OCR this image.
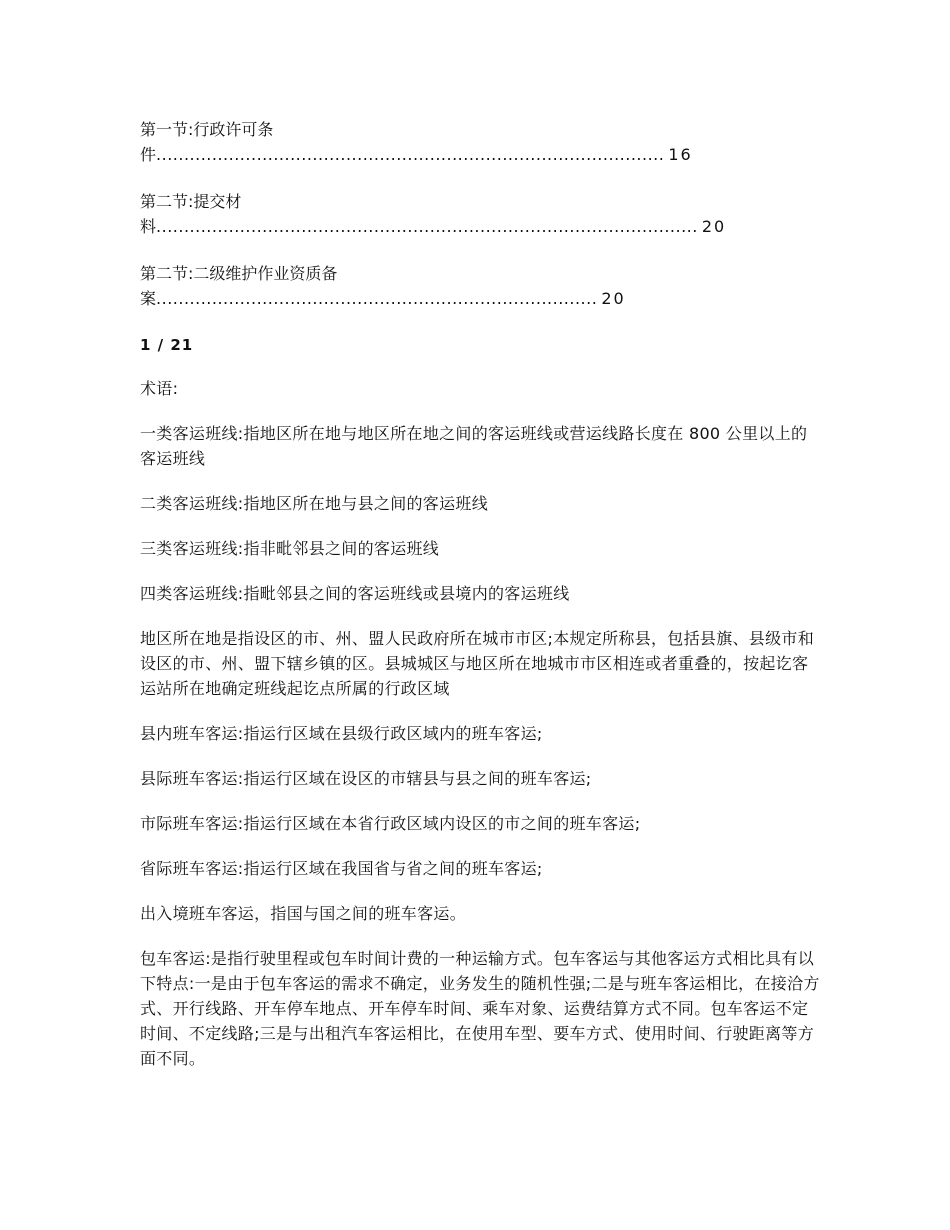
第一节:行政许可条
件........................................................................................... 16
第二节:提交材
料................................................................................................. 20
第二节:二级维护作业资质备
案............................................................................... 20
1 / 21

术语:

一类客运班线:指地区所在地与地区所在地之间的客运班线或营运线路长度在 800 公里以上的客运班线

二类客运班线:指地区所在地与县之间的客运班线

三类客运班线:指非毗邻县之间的客运班线

四类客运班线:指毗邻县之间的客运班线或县境内的客运班线

地区所在地是指设区的市、州、盟人民政府所在城市市区;本规定所称县，包括县旗、县级市和设区的市、州、盟下辖乡镇的区。县城城区与地区所在地城市市区相连或者重叠的，按起讫客运站所在地确定班线起讫点所属的行政区域

县内班车客运:指运行区域在县级行政区域内的班车客运;

县际班车客运:指运行区域在设区的市辖县与县之间的班车客运;

市际班车客运:指运行区域在本省行政区域内设区的市之间的班车客运;

省际班车客运:指运行区域在我国省与省之间的班车客运;

出入境班车客运，指国与国之间的班车客运。

包车客运:是指行驶里程或包车时间计费的一种运输方式。包车客运与其他客运方式相比具有以下特点:一是由于包车客运的需求不确定，业务发生的随机性强;二是与班车客运相比，在接洽方式、开行线路、开车停车地点、开车停车时间、乘车对象、运费结算方式不同。包车客运不定时间、不定线路;三是与出租汽车客运相比，在使用车型、要车方式、使用时间、行驶距离等方面不同。
